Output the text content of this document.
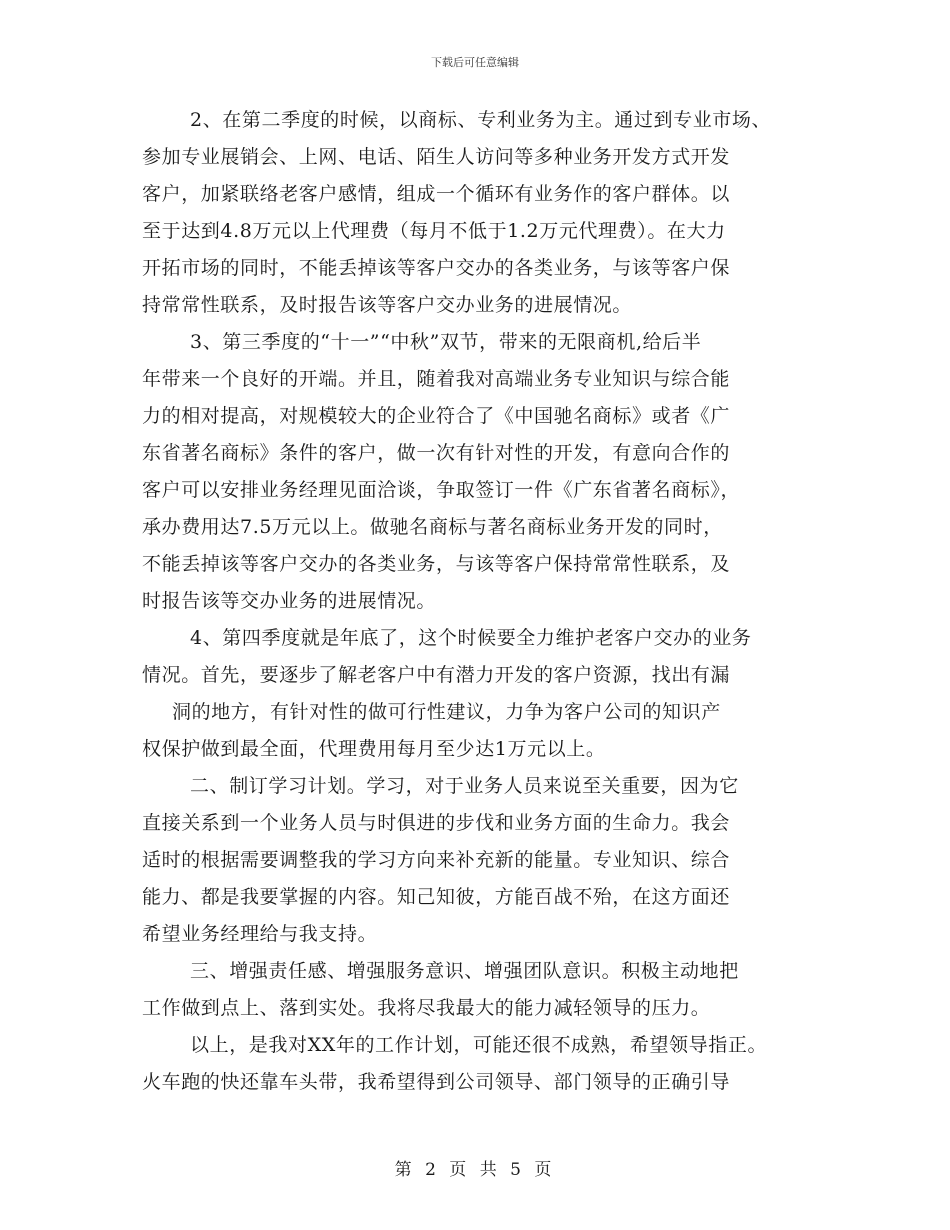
下载后可任意编辑
2、在第二季度的时候，以商标、专利业务为主。通过到专业市场、
参加专业展销会、上网、电话、陌生人访问等多种业务开发方式开发
客户，加紧联络老客户感情，组成一个循环有业务作的客户群体。以
至于达到4.8万元以上代理费（每月不低于1.2万元代理费）。在大力
开拓市场的同时，不能丢掉该等客户交办的各类业务，与该等客户保
持常常性联系，及时报告该等客户交办业务的进展情况。
3、第三季度的“十一”“中秋”双节，带来的无限商机,给后半
年带来一个良好的开端。并且，随着我对高端业务专业知识与综合能
力的相对提高，对规模较大的企业符合了《中国驰名商标》或者《广
东省著名商标》条件的客户，做一次有针对性的开发，有意向合作的
客户可以安排业务经理见面洽谈，争取签订一件《广东省著名商标》，
承办费用达7.5万元以上。做驰名商标与著名商标业务开发的同时，
不能丢掉该等客户交办的各类业务，与该等客户保持常常性联系，及
时报告该等交办业务的进展情况。
4、第四季度就是年底了，这个时候要全力维护老客户交办的业务
情况。首先，要逐步了解老客户中有潜力开发的客户资源，找出有漏
洞的地方，有针对性的做可行性建议，力争为客户公司的知识产
权保护做到最全面，代理费用每月至少达1万元以上。
二、制订学习计划。学习，对于业务人员来说至关重要，因为它
直接关系到一个业务人员与时俱进的步伐和业务方面的生命力。我会
适时的根据需要调整我的学习方向来补充新的能量。专业知识、综合
能力、都是我要掌握的内容。知己知彼，方能百战不殆，在这方面还
希望业务经理给与我支持。
三、增强责任感、增强服务意识、增强团队意识。积极主动地把
工作做到点上、落到实处。我将尽我最大的能力减轻领导的压力。
以上，是我对XX年的工作计划，可能还很不成熟，希望领导指正。
火车跑的快还靠车头带，我希望得到公司领导、部门领导的正确引导
第 2 页 共 5 页
